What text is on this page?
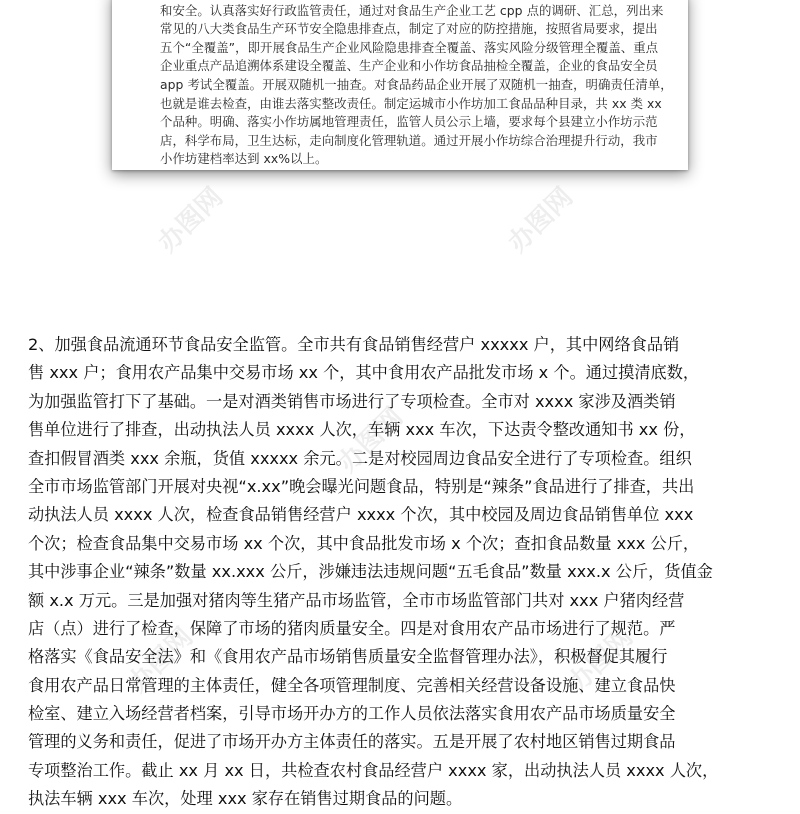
和安全。认真落实好行政监管责任，通过对食品生产企业工艺 cpp 点的调研、汇总，列出来
常见的八大类食品生产环节安全隐患排查点，制定了对应的防控措施，按照省局要求，提出
五个“全覆盖”，即开展食品生产企业风险隐患排查全覆盖、落实风险分级管理全覆盖、重点
企业重点产品追溯体系建设全覆盖、生产企业和小作坊食品抽检全覆盖，企业的食品安全员
app 考试全覆盖。开展双随机一抽查。对食品药品企业开展了双随机一抽查，明确责任清单，
也就是谁去检查，由谁去落实整改责任。制定运城市小作坊加工食品品种目录，共 xx 类 xx
个品种。明确、落实小作坊属地管理责任，监管人员公示上墙，要求每个县建立小作坊示范
店，科学布局，卫生达标，走向制度化管理轨道。通过开展小作坊综合治理提升行动，我市
小作坊建档率达到 xx%以上。
办图网	办图网
办图网
办图网	办图网
2、加强食品流通环节食品安全监管。全市共有食品销售经营户 xxxxx 户，其中网络食品销
售 xxx 户；食用农产品集中交易市场 xx 个，其中食用农产品批发市场 x 个。通过摸清底数，
为加强监管打下了基础。一是对酒类销售市场进行了专项检查。全市对 xxxx 家涉及酒类销
售单位进行了排查，出动执法人员 xxxx 人次，车辆 xxx 车次，下达责令整改通知书 xx 份，
查扣假冒酒类 xxx 余瓶，货值 xxxxx 余元。二是对校园周边食品安全进行了专项检查。组织
全市市场监管部门开展对央视“x.xx”晚会曝光问题食品，特别是“辣条”食品进行了排查，共出
动执法人员 xxxx 人次，检查食品销售经营户 xxxx 个次，其中校园及周边食品销售单位 xxx
个次；检查食品集中交易市场 xx 个次，其中食品批发市场 x 个次；查扣食品数量 xxx 公斤，
其中涉事企业“辣条”数量 xx.xxx 公斤，涉嫌违法违规问题“五毛食品”数量 xxx.x 公斤，货值金
额 x.x 万元。三是加强对猪肉等生猪产品市场监管，全市市场监管部门共对 xxx 户猪肉经营
店（点）进行了检查，保障了市场的猪肉质量安全。四是对食用农产品市场进行了规范。严
格落实《食品安全法》和《食用农产品市场销售质量安全监督管理办法》，积极督促其履行
食用农产品日常管理的主体责任，健全各项管理制度、完善相关经营设备设施、建立食品快
检室、建立入场经营者档案，引导市场开办方的工作人员依法落实食用农产品市场质量安全
管理的义务和责任，促进了市场开办方主体责任的落实。五是开展了农村地区销售过期食品
专项整治工作。截止 xx 月 xx 日，共检查农村食品经营户 xxxx 家，出动执法人员 xxxx 人次，
执法车辆 xxx 车次，处理 xxx 家存在销售过期食品的问题。
